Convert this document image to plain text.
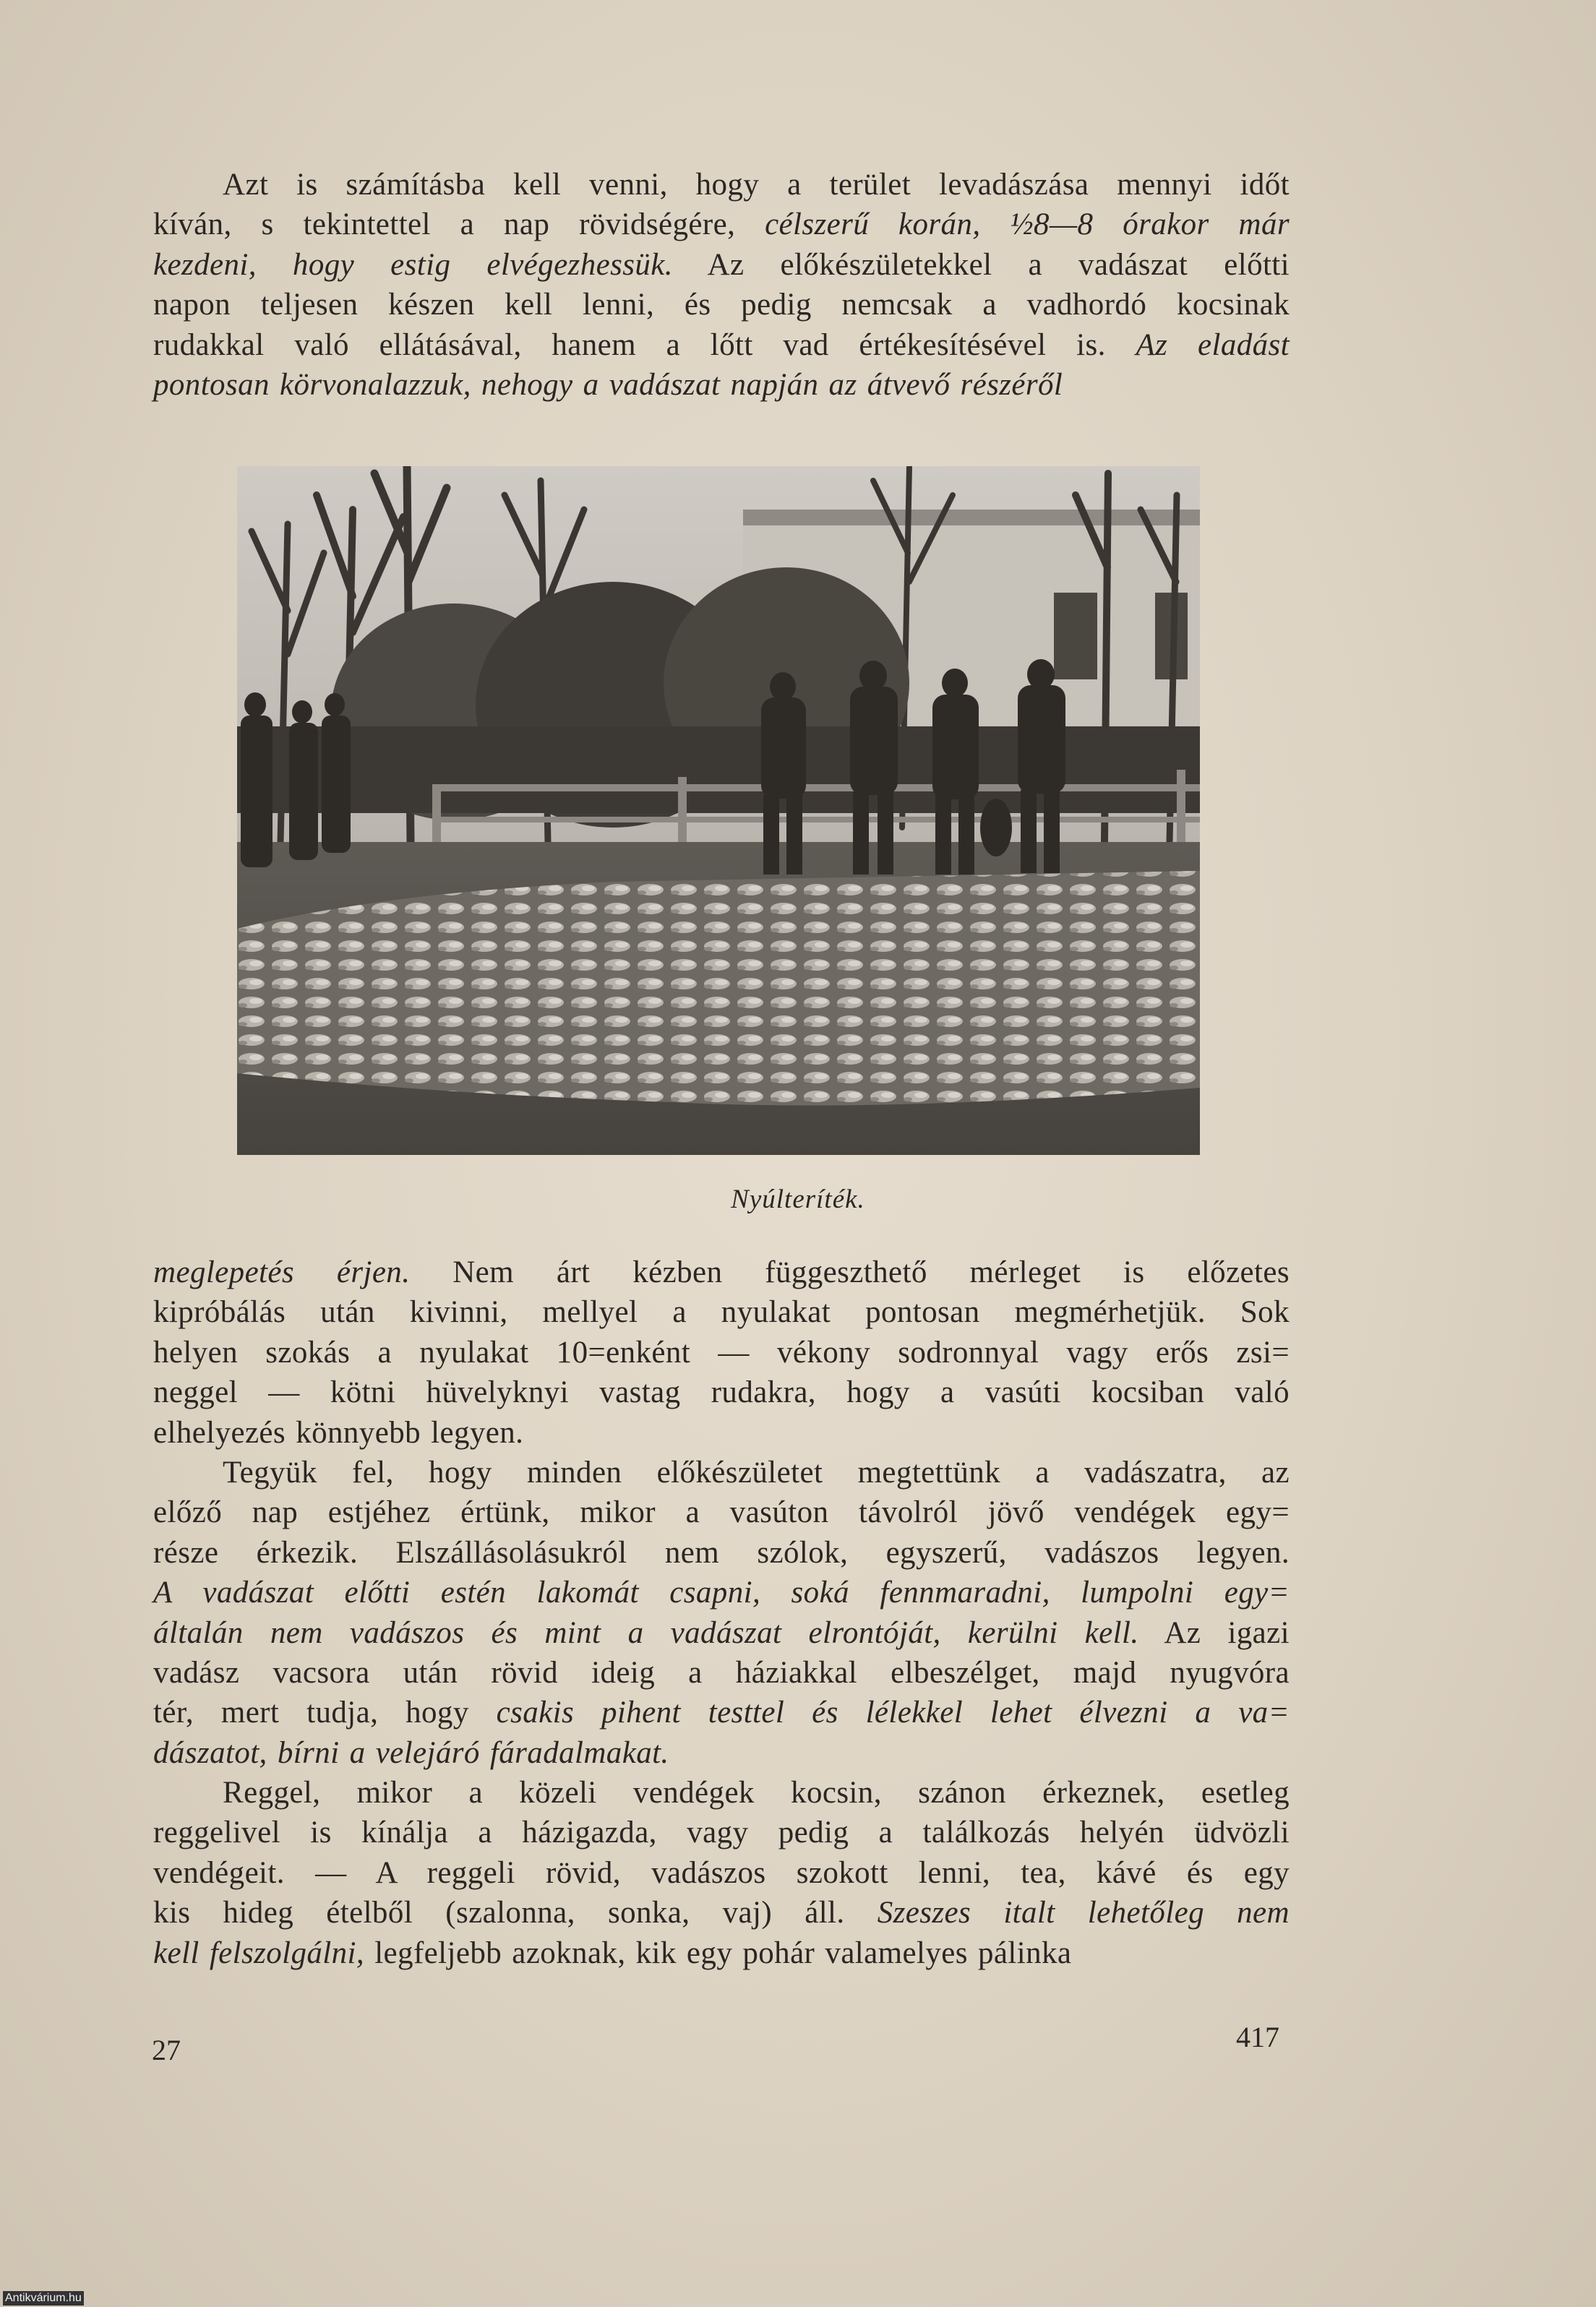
Azt is számításba kell venni, hogy a terület levadászása mennyi időt
kíván, s tekintettel a nap rövidségére, célszerű korán, ½8—8 órakor már
kezdeni, hogy estig elvégezhessük. Az előkészületekkel a vadászat előtti
napon teljesen készen kell lenni, és pedig nemcsak a vadhordó kocsinak
rudakkal való ellátásával, hanem a lőtt vad értékesítésével is. Az eladást
pontosan körvonalazzuk, nehogy a vadászat napján az átvevő részéről
Nyúlteríték.
meglepetés érjen. Nem árt kézben függeszthető mérleget is előzetes
kipróbálás után kivinni, mellyel a nyulakat pontosan megmérhetjük. Sok
helyen szokás a nyulakat 10=enként — vékony sodronnyal vagy erős zsi=
neggel — kötni hüvelyknyi vastag rudakra, hogy a vasúti kocsiban való
elhelyezés könnyebb legyen.
Tegyük fel, hogy minden előkészületet megtettünk a vadászatra, az
előző nap estjéhez értünk, mikor a vasúton távolról jövő vendégek egy=
része érkezik. Elszállásolásukról nem szólok, egyszerű, vadászos legyen.
A vadászat előtti estén lakomát csapni, soká fennmaradni, lumpolni egy=
általán nem vadászos és mint a vadászat elrontóját, kerülni kell. Az igazi
vadász vacsora után rövid ideig a háziakkal elbeszélget, majd nyugvóra
tér, mert tudja, hogy csakis pihent testtel és lélekkel lehet élvezni a va=
dászatot, bírni a velejáró fáradalmakat.
Reggel, mikor a közeli vendégek kocsin, szánon érkeznek, esetleg
reggelivel is kínálja a házigazda, vagy pedig a találkozás helyén üdvözli
vendégeit. — A reggeli rövid, vadászos szokott lenni, tea, kávé és egy
kis hideg ételből (szalonna, sonka, vaj) áll. Szeszes italt lehetőleg nem
kell felszolgálni, legfeljebb azoknak, kik egy pohár valamelyes pálinka
27	417
Antikvárium.hu
